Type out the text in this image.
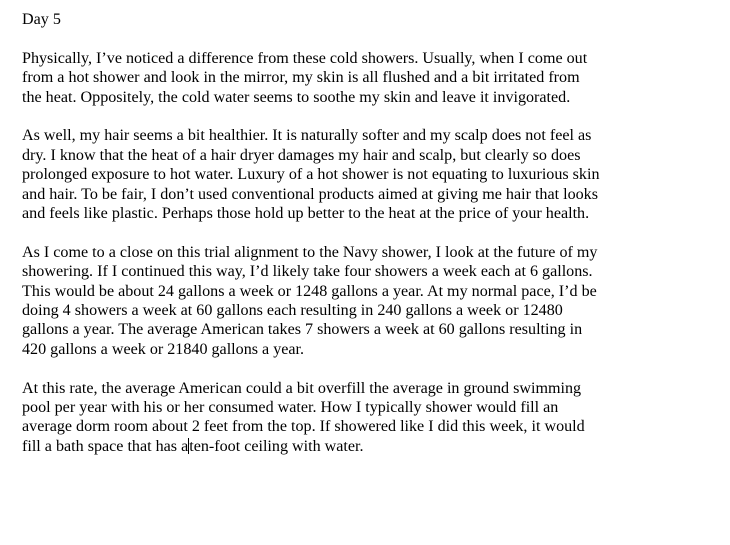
Day 5
Physically, I’ve noticed a difference from these cold showers. Usually, when I come out
from a hot shower and look in the mirror, my skin is all flushed and a bit irritated from
the heat. Oppositely, the cold water seems to soothe my skin and leave it invigorated.
As well, my hair seems a bit healthier. It is naturally softer and my scalp does not feel as
dry. I know that the heat of a hair dryer damages my hair and scalp, but clearly so does
prolonged exposure to hot water. Luxury of a hot shower is not equating to luxurious skin
and hair. To be fair, I don’t used conventional products aimed at giving me hair that looks
and feels like plastic. Perhaps those hold up better to the heat at the price of your health.
As I come to a close on this trial alignment to the Navy shower, I look at the future of my
showering. If I continued this way, I’d likely take four showers a week each at 6 gallons.
This would be about 24 gallons a week or 1248 gallons a year. At my normal pace, I’d be
doing 4 showers a week at 60 gallons each resulting in 240 gallons a week or 12480
gallons a year. The average American takes 7 showers a week at 60 gallons resulting in
420 gallons a week or 21840 gallons a year.
At this rate, the average American could a bit overfill the average in ground swimming
pool per year with his or her consumed water. How I typically shower would fill an
average dorm room about 2 feet from the top. If showered like I did this week, it would
fill a bath space that has aten-foot ceiling with water.
